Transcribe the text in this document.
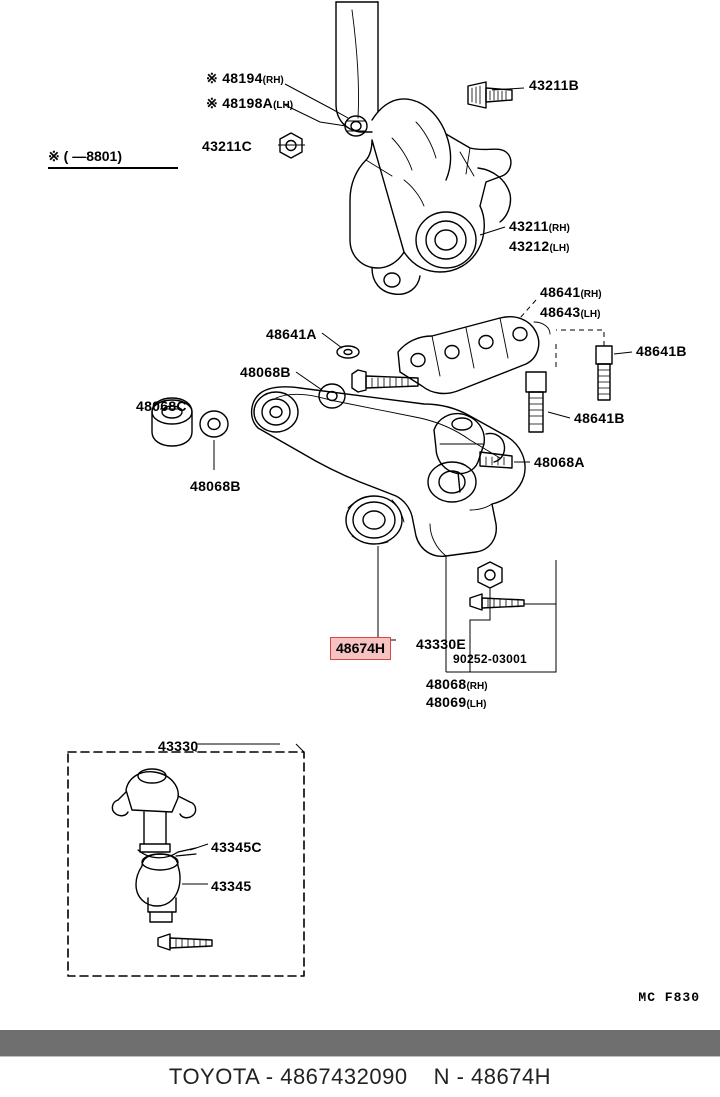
※ ( —8801)
※ 48194(RH)
※ 48198A(LH)
43211C
43211B
43211(RH)
43212(LH)
48641(RH)
48643(LH)
48641B
48641B
48641A
48068B
48068C
48068B
48068A
43330E
90252-03001
48068(RH)
48069(LH)
43330
43345C
43345
48674H
MC F830
TOYOTA - 4867432090 N - 48674H
